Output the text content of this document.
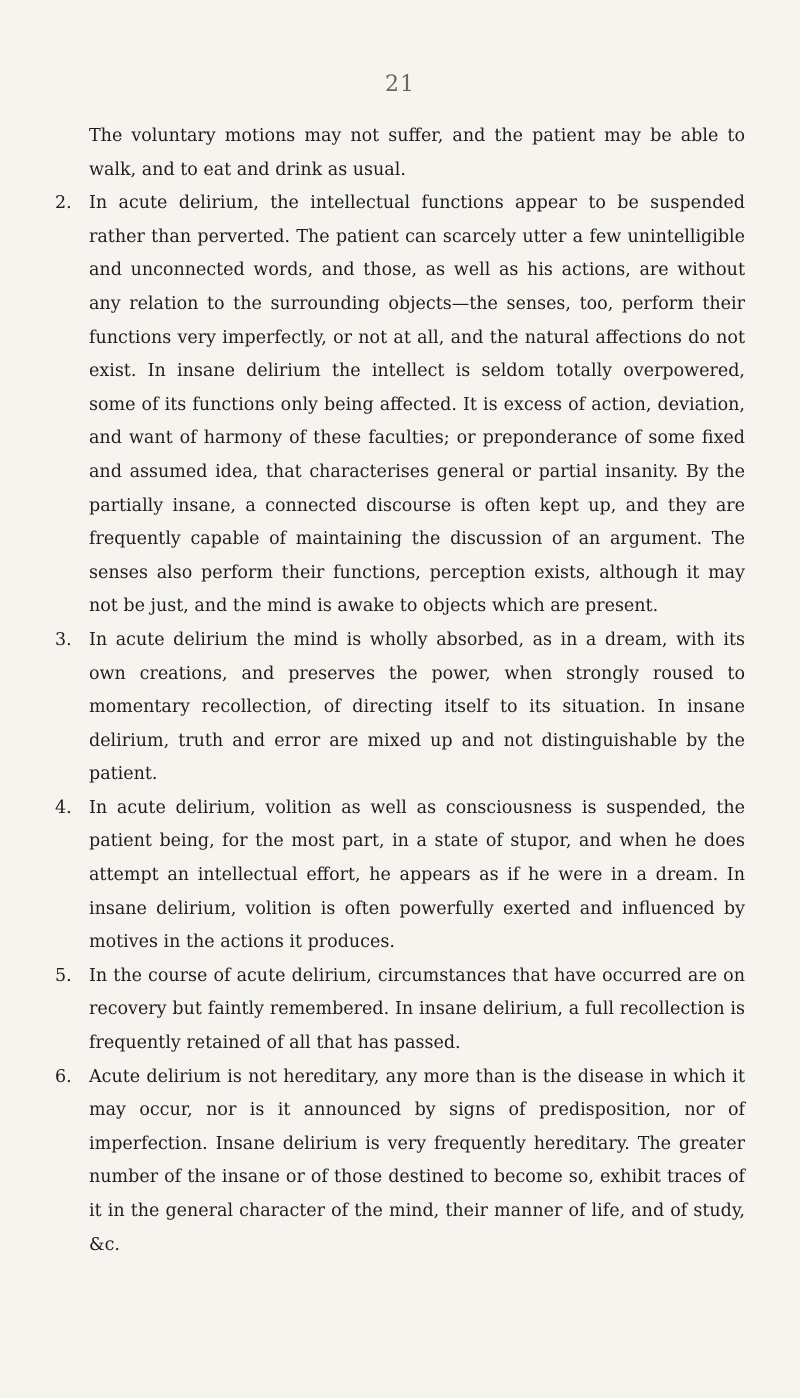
21

The voluntary motions may not suffer, and the patient may be able to walk, and to eat and drink as usual.

2. In acute delirium, the intellectual functions appear to be suspended rather than perverted. The patient can scarcely utter a few unintelligible and unconnected words, and those, as well as his actions, are without any relation to the surrounding objects—the senses, too, perform their functions very imperfectly, or not at all, and the natural affections do not exist. In insane delirium the intellect is seldom totally overpowered, some of its functions only being affected. It is excess of action, deviation, and want of harmony of these faculties; or preponderance of some fixed and assumed idea, that characterises general or partial insanity. By the partially insane, a connected discourse is often kept up, and they are frequently capable of maintaining the discussion of an argument. The senses also perform their functions, perception exists, although it may not be just, and the mind is awake to objects which are present.

3. In acute delirium the mind is wholly absorbed, as in a dream, with its own creations, and preserves the power, when strongly roused to momentary recollection, of directing itself to its situation. In insane delirium, truth and error are mixed up and not distinguishable by the patient.

4. In acute delirium, volition as well as consciousness is suspended, the patient being, for the most part, in a state of stupor, and when he does attempt an intellectual effort, he appears as if he were in a dream. In insane delirium, volition is often powerfully exerted and influenced by motives in the actions it produces.

5. In the course of acute delirium, circumstances that have occurred are on recovery but faintly remembered. In insane delirium, a full recollection is frequently retained of all that has passed.

6. Acute delirium is not hereditary, any more than is the disease in which it may occur, nor is it announced by signs of predisposition, nor of imperfection. Insane delirium is very frequently hereditary. The greater number of the insane or of those destined to become so, exhibit traces of it in the general character of the mind, their manner of life, and of study, &c.
